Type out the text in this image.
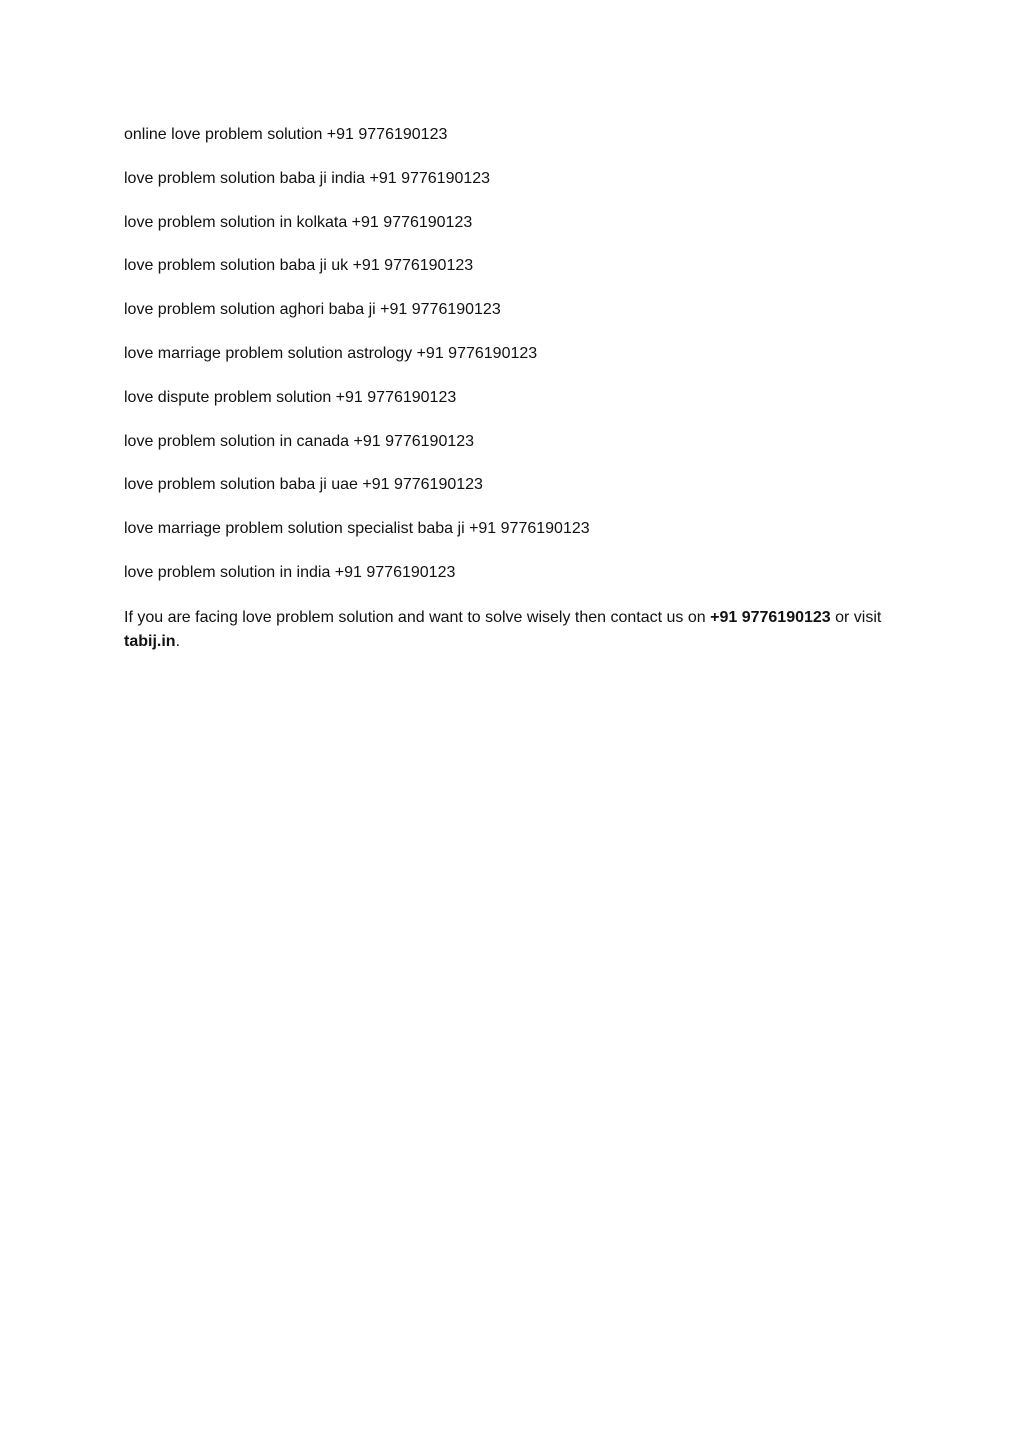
online love problem solution +91 9776190123

love problem solution baba ji india +91 9776190123

love problem solution in kolkata +91 9776190123

love problem solution baba ji uk +91 9776190123

love problem solution aghori baba ji +91 9776190123

love marriage problem solution astrology +91 9776190123

love dispute problem solution +91 9776190123

love problem solution in canada +91 9776190123

love problem solution baba ji uae +91 9776190123

love marriage problem solution specialist baba ji +91 9776190123

love problem solution in india +91 9776190123

If you are facing love problem solution and want to solve wisely then contact us on +91 9776190123 or visit tabij.in.
